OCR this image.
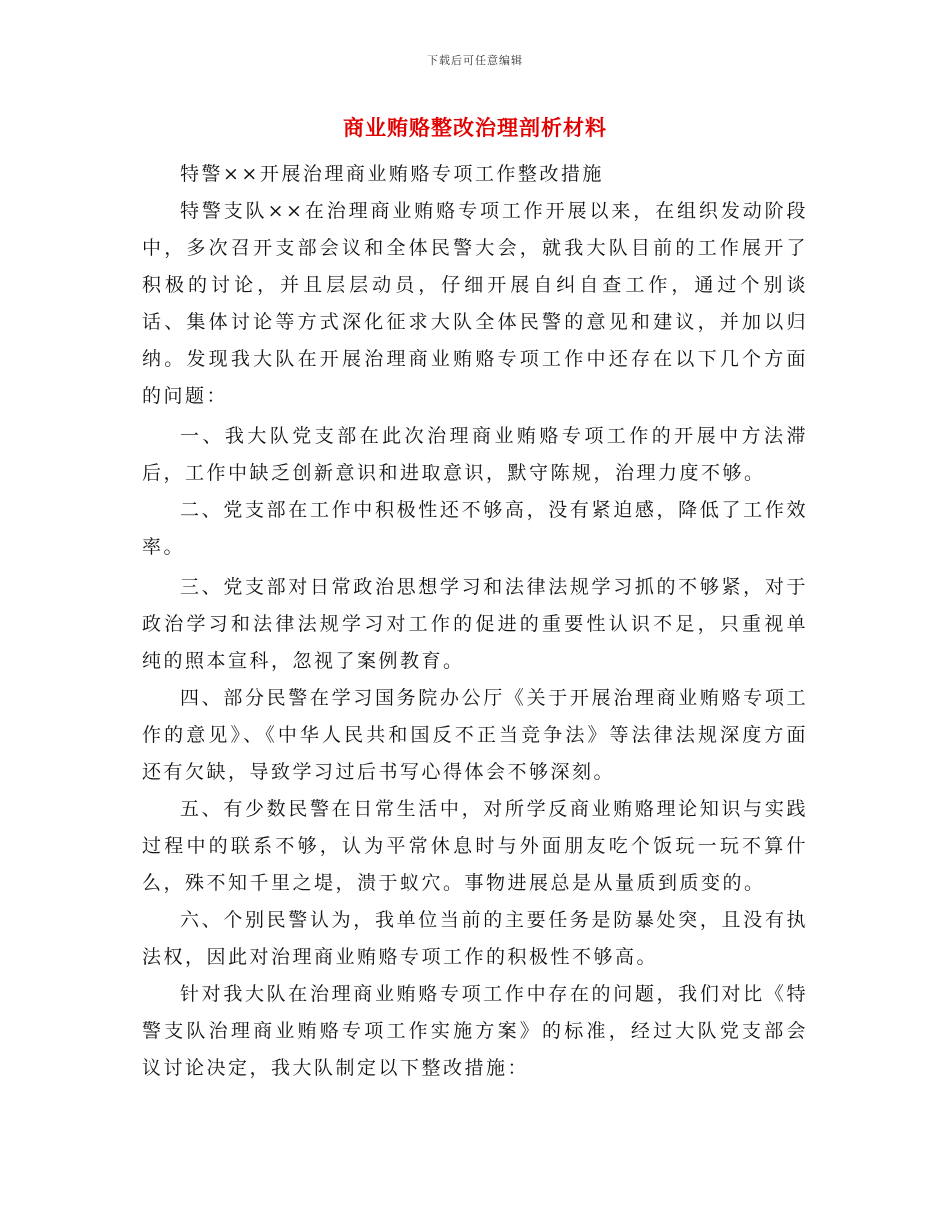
下载后可任意编辑
商业贿赂整改治理剖析材料

特警××开展治理商业贿赂专项工作整改措施

特警支队××在治理商业贿赂专项工作开展以来，在组织发动阶段中，多次召开支部会议和全体民警大会，就我大队目前的工作展开了积极的讨论，并且层层动员，仔细开展自纠自查工作，通过个别谈话、集体讨论等方式深化征求大队全体民警的意见和建议，并加以归纳。发现我大队在开展治理商业贿赂专项工作中还存在以下几个方面的问题：

一、我大队党支部在此次治理商业贿赂专项工作的开展中方法滞后，工作中缺乏创新意识和进取意识，默守陈规，治理力度不够。

二、党支部在工作中积极性还不够高，没有紧迫感，降低了工作效率。

三、党支部对日常政治思想学习和法律法规学习抓的不够紧，对于政治学习和法律法规学习对工作的促进的重要性认识不足，只重视单纯的照本宣科，忽视了案例教育。

四、部分民警在学习国务院办公厅《关于开展治理商业贿赂专项工作的意见》、《中华人民共和国反不正当竞争法》等法律法规深度方面还有欠缺，导致学习过后书写心得体会不够深刻。

五、有少数民警在日常生活中，对所学反商业贿赂理论知识与实践过程中的联系不够，认为平常休息时与外面朋友吃个饭玩一玩不算什么，殊不知千里之堤，溃于蚁穴。事物进展总是从量质到质变的。

六、个别民警认为，我单位当前的主要任务是防暴处突，且没有执法权，因此对治理商业贿赂专项工作的积极性不够高。

针对我大队在治理商业贿赂专项工作中存在的问题，我们对比《特警支队治理商业贿赂专项工作实施方案》的标准，经过大队党支部会议讨论决定，我大队制定以下整改措施：
